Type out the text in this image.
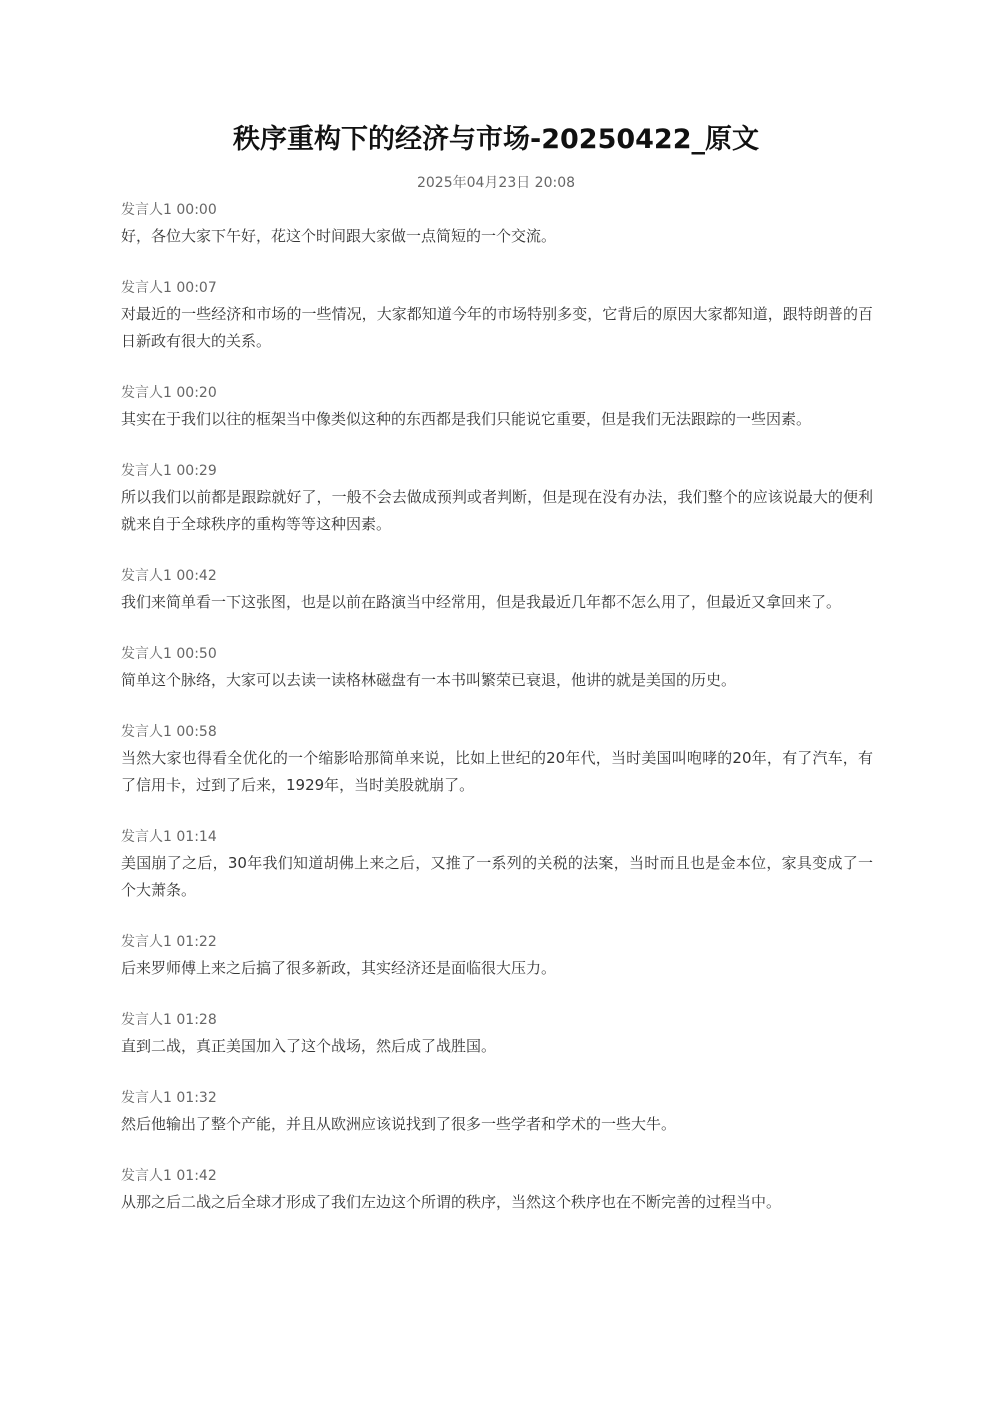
秩序重构下的经济与市场-20250422_原文
2025年04月23日 20:08
发言人1 00:00
好，各位大家下午好，花这个时间跟大家做一点简短的一个交流。
发言人1 00:07
对最近的一些经济和市场的一些情况，大家都知道今年的市场特别多变，它背后的原因大家都知道，跟特朗普的百日新政有很大的关系。
发言人1 00:20
其实在于我们以往的框架当中像类似这种的东西都是我们只能说它重要，但是我们无法跟踪的一些因素。
发言人1 00:29
所以我们以前都是跟踪就好了，一般不会去做成预判或者判断，但是现在没有办法，我们整个的应该说最大的便利就来自于全球秩序的重构等等这种因素。
发言人1 00:42
我们来简单看一下这张图，也是以前在路演当中经常用，但是我最近几年都不怎么用了，但最近又拿回来了。
发言人1 00:50
简单这个脉络，大家可以去读一读格林磁盘有一本书叫繁荣已衰退，他讲的就是美国的历史。
发言人1 00:58
当然大家也得看全优化的一个缩影哈那简单来说，比如上世纪的20年代，当时美国叫咆哮的20年，有了汽车，有了信用卡，过到了后来，1929年，当时美股就崩了。
发言人1 01:14
美国崩了之后，30年我们知道胡佛上来之后，又推了一系列的关税的法案，当时而且也是金本位，家具变成了一个大萧条。
发言人1 01:22
后来罗师傅上来之后搞了很多新政，其实经济还是面临很大压力。
发言人1 01:28
直到二战，真正美国加入了这个战场，然后成了战胜国。
发言人1 01:32
然后他输出了整个产能，并且从欧洲应该说找到了很多一些学者和学术的一些大牛。
发言人1 01:42
从那之后二战之后全球才形成了我们左边这个所谓的秩序，当然这个秩序也在不断完善的过程当中。
